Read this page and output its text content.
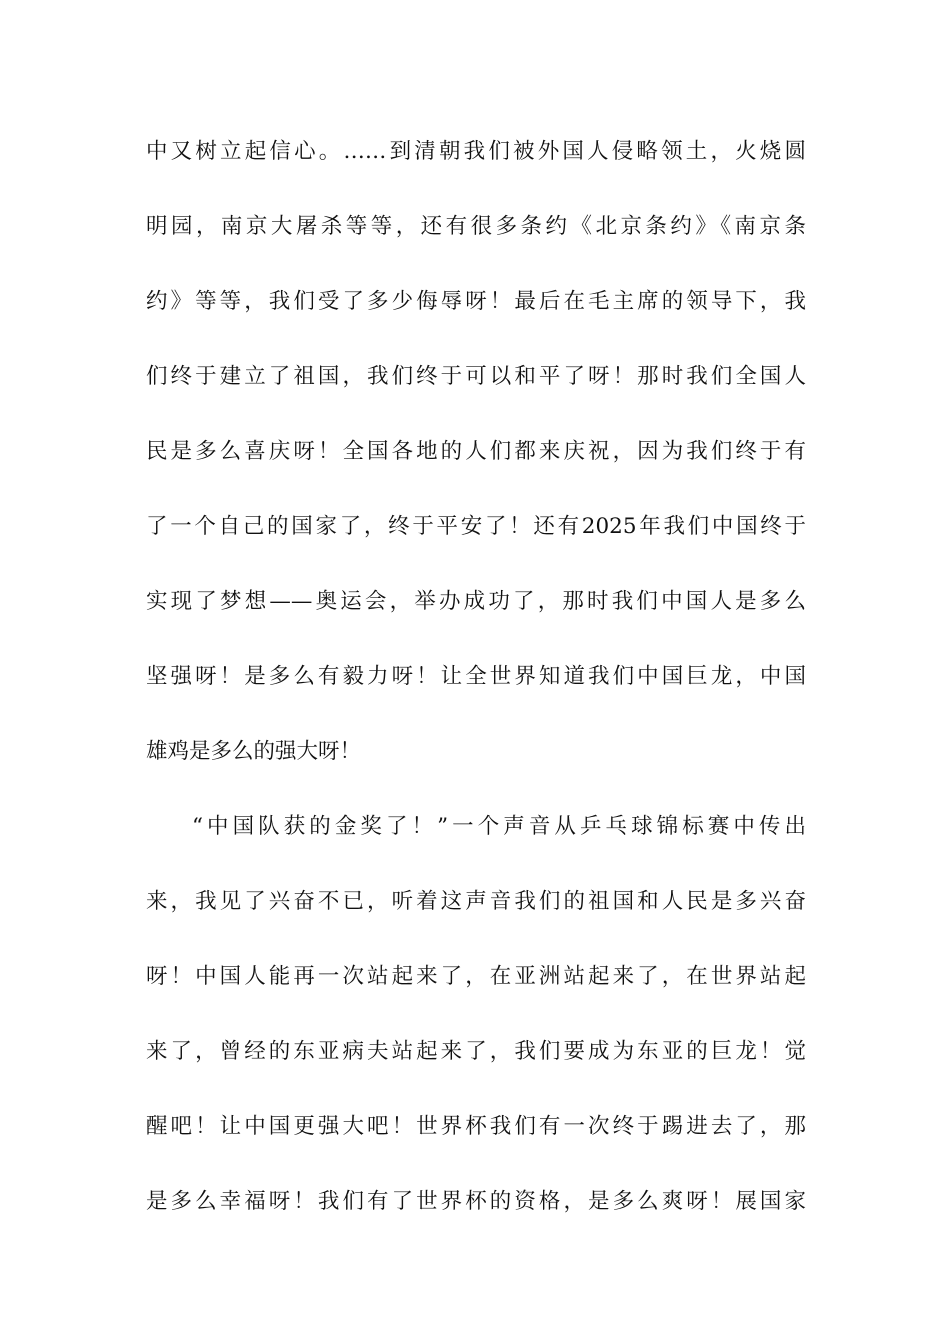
中又树立起信心。……到清朝我们被外国人侵略领土，火烧圆
明园，南京大屠杀等等，还有很多条约《北京条约》《南京条
约》等等，我们受了多少侮辱呀！最后在毛主席的领导下，我
们终于建立了祖国，我们终于可以和平了呀！那时我们全国人
民是多么喜庆呀！全国各地的人们都来庆祝，因为我们终于有
了一个自己的国家了，终于平安了！还有2025年我们中国终于
实现了梦想——奥运会，举办成功了，那时我们中国人是多么
坚强呀！是多么有毅力呀！让全世界知道我们中国巨龙，中国
雄鸡是多么的强大呀！
“中国队获的金奖了！”一个声音从乒乓球锦标赛中传出
来，我见了兴奋不已，听着这声音我们的祖国和人民是多兴奋
呀！中国人能再一次站起来了，在亚洲站起来了，在世界站起
来了，曾经的东亚病夫站起来了，我们要成为东亚的巨龙！觉
醒吧！让中国更强大吧！世界杯我们有一次终于踢进去了，那
是多么幸福呀！我们有了世界杯的资格，是多么爽呀！展国家
